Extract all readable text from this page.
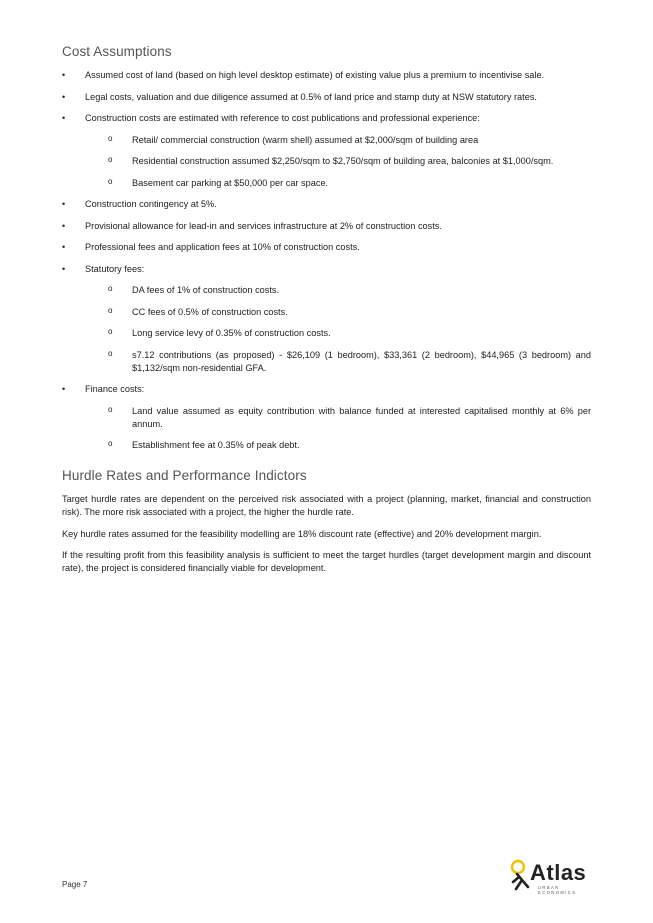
Cost Assumptions
• Assumed cost of land (based on high level desktop estimate) of existing value plus a premium to incentivise sale.
• Legal costs, valuation and due diligence assumed at 0.5% of land price and stamp duty at NSW statutory rates.
• Construction costs are estimated with reference to cost publications and professional experience:
o Retail/ commercial construction (warm shell) assumed at $2,000/sqm of building area
o Residential construction assumed $2,250/sqm to $2,750/sqm of building area, balconies at $1,000/sqm.
o Basement car parking at $50,000 per car space.
• Construction contingency at 5%.
• Provisional allowance for lead-in and services infrastructure at 2% of construction costs.
• Professional fees and application fees at 10% of construction costs.
• Statutory fees:
o DA fees of 1% of construction costs.
o CC fees of 0.5% of construction costs.
o Long service levy of 0.35% of construction costs.
o s7.12 contributions (as proposed) - $26,109 (1 bedroom), $33,361 (2 bedroom), $44,965 (3 bedroom) and $1,132/sqm non-residential GFA.
• Finance costs:
o Land value assumed as equity contribution with balance funded at interested capitalised monthly at 6% per annum.
o Establishment fee at 0.35% of peak debt.
Hurdle Rates and Performance Indictors

Target hurdle rates are dependent on the perceived risk associated with a project (planning, market, financial and construction risk). The more risk associated with a project, the higher the hurdle rate.

Key hurdle rates assumed for the feasibility modelling are 18% discount rate (effective) and 20% development margin.

If the resulting profit from this feasibility analysis is sufficient to meet the target hurdles (target development margin and discount rate), the project is considered financially viable for development.

Page 7	Atlas
URBAN ECONOMICS
